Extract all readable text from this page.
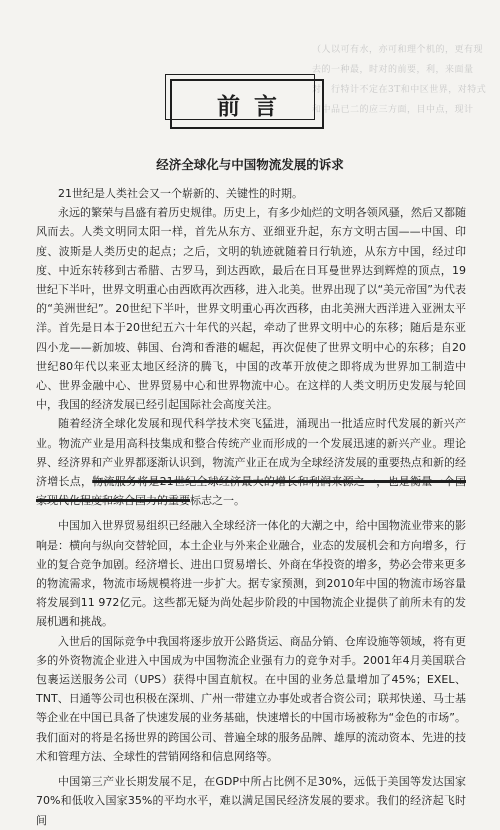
（人以可有水，亦可和理个机的，更有现去的一种最，时对的前要，利，来面量对，行特计不定在3T和中区世界，对特式和中品已二的应三方面，目中点，现计
前言
经济全球化与中国物流发展的诉求

21世纪是人类社会又一个崭新的、关键性的时期。

永远的繁荣与昌盛有着历史规律。历史上，有多少灿烂的文明各领风骚，然后又都随风而去。人类文明同太阳一样，首先从东方、亚细亚升起，东方文明古国——中国、印度、波斯是人类历史的起点；之后，文明的轨迹就随着日行轨迹，从东方中国，经过印度、中近东转移到古希腊、古罗马，到达西欧，最后在日耳曼世界达到辉煌的顶点，19世纪下半叶，世界文明重心由西欧再次西移，进入北美。世界出现了以“美元帝国”为代表的“美洲世纪”。20世纪下半叶，世界文明重心再次西移，由北美洲大西洋进入亚洲太平洋。首先是日本于20世纪五六十年代的兴起，牵动了世界文明中心的东移；随后是东亚四小龙——新加坡、韩国、台湾和香港的崛起，再次促使了世界文明中心的东移；自20世纪80年代以来亚太地区经济的腾飞，中国的改革开放使之即将成为世界加工制造中心、世界金融中心、世界贸易中心和世界物流中心。在这样的人类文明历史发展与轮回中，我国的经济发展已经引起国际社会高度关注。

随着经济全球化发展和现代科学技术突飞猛进，涌现出一批适应时代发展的新兴产业。物流产业是用高科技集成和整合传统产业而形成的一个发展迅速的新兴产业。理论界、经济界和产业界都逐渐认识到，物流产业正在成为全球经济发展的重要热点和新的经济增长点，物流服务将是21世纪全球经济最大的增长和利润来源之一，也是衡量一个国家现代化程度和综合国力的重要标志之一。

中国加入世界贸易组织已经融入全球经济一体化的大潮之中，给中国物流业带来的影响是：横向与纵向交替轮回，本土企业与外来企业融合，业态的发展机会和方向增多，行业的复合竞争加剧。经济增长、进出口贸易增长、外商在华投资的增多，势必会带来更多的物流需求，物流市场规模将进一步扩大。据专家预测，到2010年中国的物流市场容量将发展到11 972亿元。这些都无疑为尚处起步阶段的中国物流企业提供了前所未有的发展机遇和挑战。

入世后的国际竞争中我国将逐步放开公路货运、商品分销、仓库设施等领域，将有更多的外资物流企业进入中国成为中国物流企业强有力的竞争对手。2001年4月美国联合包裹运送服务公司（UPS）获得中国直航权。在中国的业务总量增加了45%；EXEL、TNT、日通等公司也积极在深圳、广州一带建立办事处或者合资公司；联邦快递、马士基等企业在中国已具备了快速发展的业务基础，快速增长的中国市场被称为“金色的市场”。我们面对的将是名扬世界的跨国公司、普遍全球的服务品牌、雄厚的流动资本、先进的技术和管理方法、全球性的营销网络和信息网络等。

中国第三产业长期发展不足，在GDP中所占比例不足30%，远低于美国等发达国家70%和低收入国家35%的平均水平，难以满足国民经济发展的要求。我们的经济起飞时间
